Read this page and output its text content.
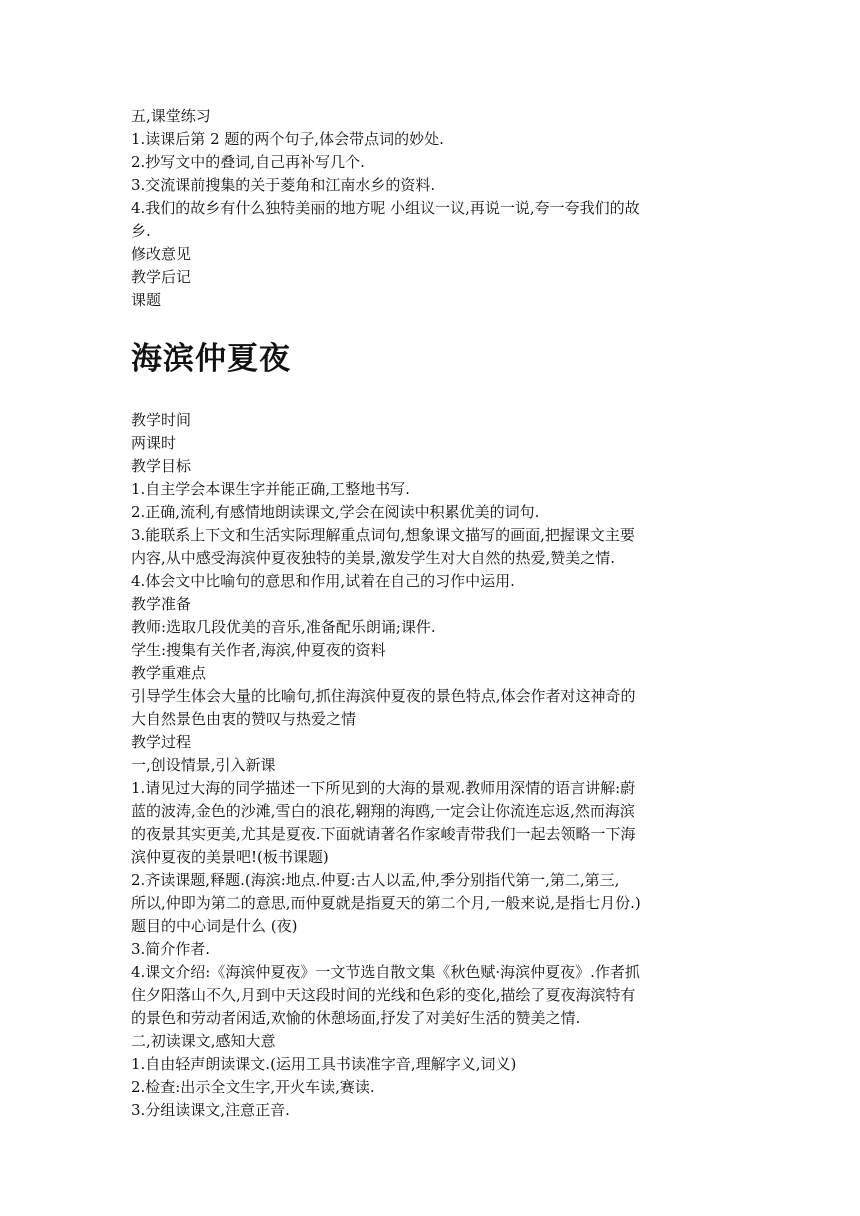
五,课堂练习
1.读课后第 2 题的两个句子,体会带点词的妙处.
2.抄写文中的叠词,自己再补写几个.
3.交流课前搜集的关于菱角和江南水乡的资料.
4.我们的故乡有什么独特美丽的地方呢 小组议一议,再说一说,夸一夸我们的故
乡.
修改意见
教学后记
课题
海滨仲夏夜
教学时间
两课时
教学目标
1.自主学会本课生字并能正确,工整地书写.
2.正确,流利,有感情地朗读课文,学会在阅读中积累优美的词句.
3.能联系上下文和生活实际理解重点词句,想象课文描写的画面,把握课文主要
内容,从中感受海滨仲夏夜独特的美景,激发学生对大自然的热爱,赞美之情.
4.体会文中比喻句的意思和作用,试着在自己的习作中运用.
教学准备
教师:选取几段优美的音乐,准备配乐朗诵;课件.
学生:搜集有关作者,海滨,仲夏夜的资料
教学重难点
引导学生体会大量的比喻句,抓住海滨仲夏夜的景色特点,体会作者对这神奇的
大自然景色由衷的赞叹与热爱之情
教学过程
一,创设情景,引入新课
1.请见过大海的同学描述一下所见到的大海的景观.教师用深情的语言讲解:蔚
蓝的波涛,金色的沙滩,雪白的浪花,翱翔的海鸥,一定会让你流连忘返,然而海滨
的夜景其实更美,尤其是夏夜.下面就请著名作家峻青带我们一起去领略一下海
滨仲夏夜的美景吧!(板书课题)
2.齐读课题,释题.(海滨:地点.仲夏:古人以孟,仲,季分别指代第一,第二,第三,
所以,仲即为第二的意思,而仲夏就是指夏天的第二个月,一般来说,是指七月份.)
题目的中心词是什么 (夜)
3.简介作者.
4.课文介绍:《海滨仲夏夜》一文节选自散文集《秋色赋·海滨仲夏夜》.作者抓
住夕阳落山不久,月到中天这段时间的光线和色彩的变化,描绘了夏夜海滨特有
的景色和劳动者闲适,欢愉的休憩场面,抒发了对美好生活的赞美之情.
二,初读课文,感知大意
1.自由轻声朗读课文.(运用工具书读准字音,理解字义,词义)
2.检查:出示全文生字,开火车读,赛读.
3.分组读课文,注意正音.
